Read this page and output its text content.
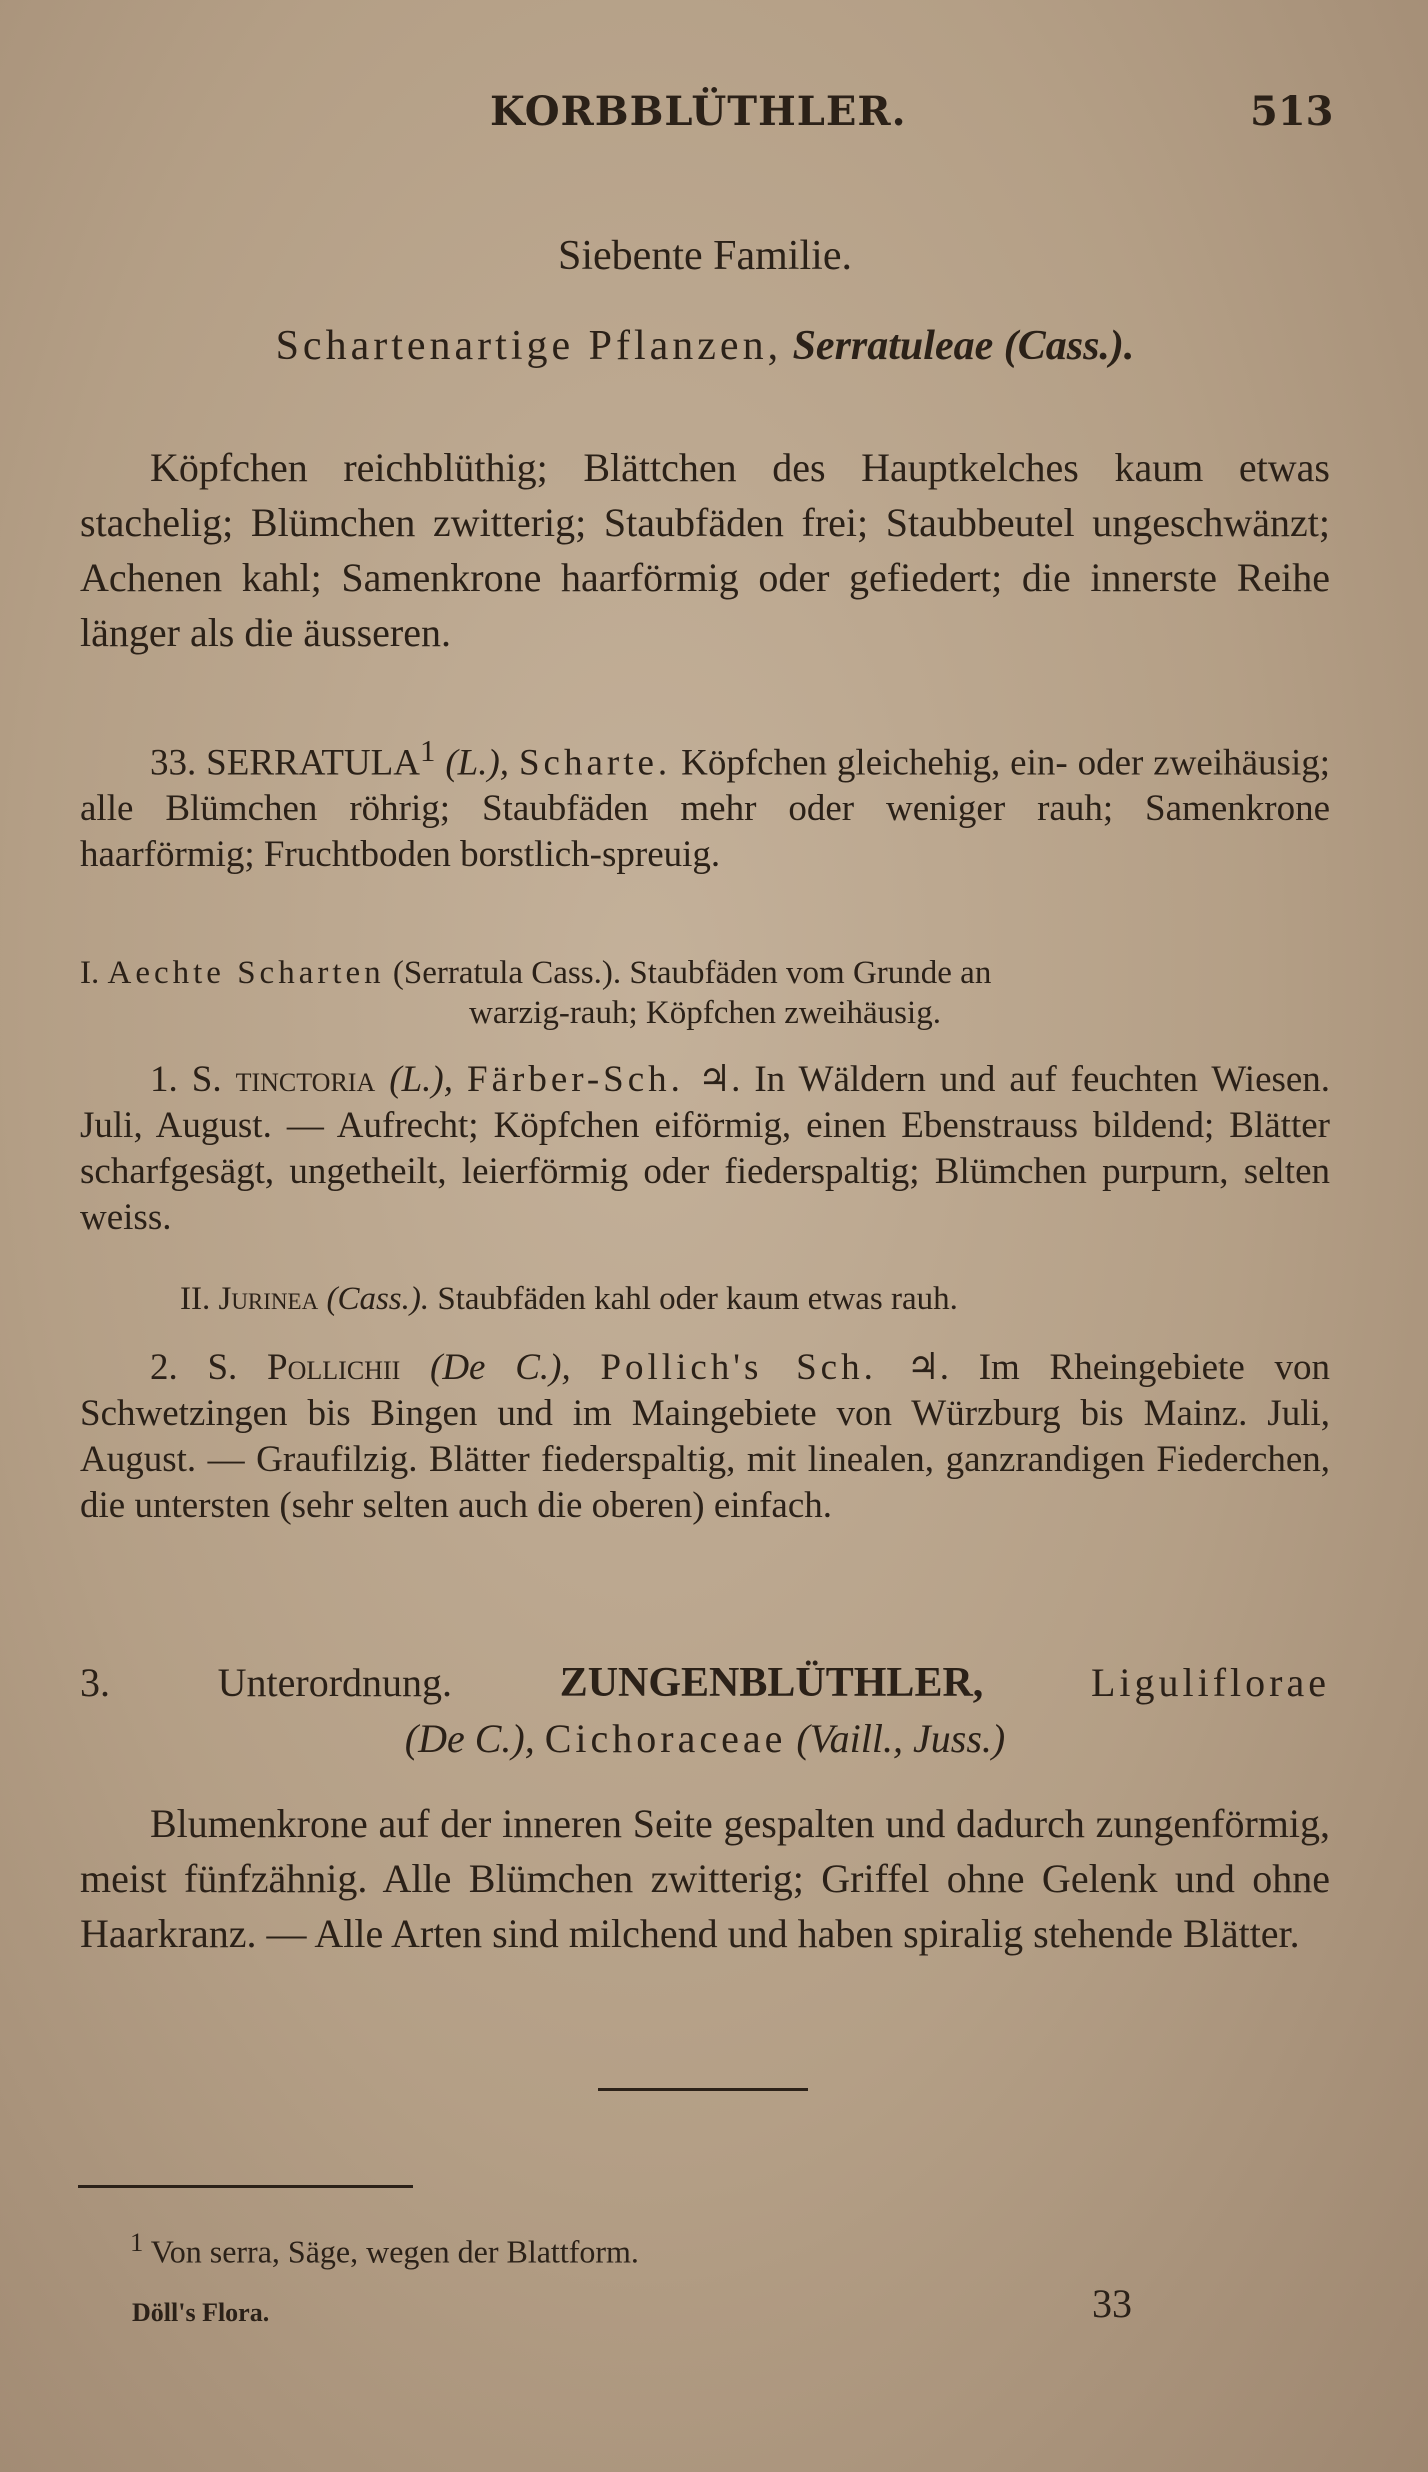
KORBBLÜTHLER.	513
Siebente Familie.
Schartenartige Pflanzen, Serratuleae (Cass.).
Köpfchen reichblüthig; Blättchen des Hauptkelches kaum etwas stachelig; Blümchen zwitterig; Staubfäden frei; Staubbeutel ungeschwänzt; Achenen kahl; Samenkrone haarförmig oder gefiedert; die innerste Reihe länger als die äusseren.
33. SERRATULA$^1$ (L.), Scharte. Köpfchen gleichehig, ein- oder zweihäusig; alle Blümchen röhrig; Staubfäden mehr oder weniger rauh; Samenkrone haarförmig; Fruchtboden borstlich-spreuig.
I. Aechte Scharten (Serratula Cass.). Staubfäden vom Grunde an
warzig-rauh; Köpfchen zweihäusig.
1. S. tinctoria (L.), Färber-Sch. ♃. In Wäldern und auf feuchten Wiesen. Juli, August. — Aufrecht; Köpfchen eiförmig, einen Ebenstrauss bildend; Blätter scharfgesägt, ungetheilt, leierförmig oder fiederspaltig; Blümchen purpurn, selten weiss.
II. Jurinea (Cass.). Staubfäden kahl oder kaum etwas rauh.
2. S. Pollichii (De C.), Pollich's Sch. ♃. Im Rheingebiete von Schwetzingen bis Bingen und im Maingebiete von Würzburg bis Mainz. Juli, August. — Graufilzig. Blätter fiederspaltig, mit linealen, ganzrandigen Fiederchen, die untersten (sehr selten auch die oberen) einfach.
3. Unterordnung.	ZUNGENBLÜTHLER,	Liguliflorae
(De C.), Cichoraceae (Vaill., Juss.)
Blumenkrone auf der inneren Seite gespalten und dadurch zungenförmig, meist fünfzähnig. Alle Blümchen zwitterig; Griffel ohne Gelenk und ohne Haarkranz. — Alle Arten sind milchend und haben spiralig stehende Blätter.
$^1$ Von serra, Säge, wegen der Blattform.
Döll's Flora.	33
